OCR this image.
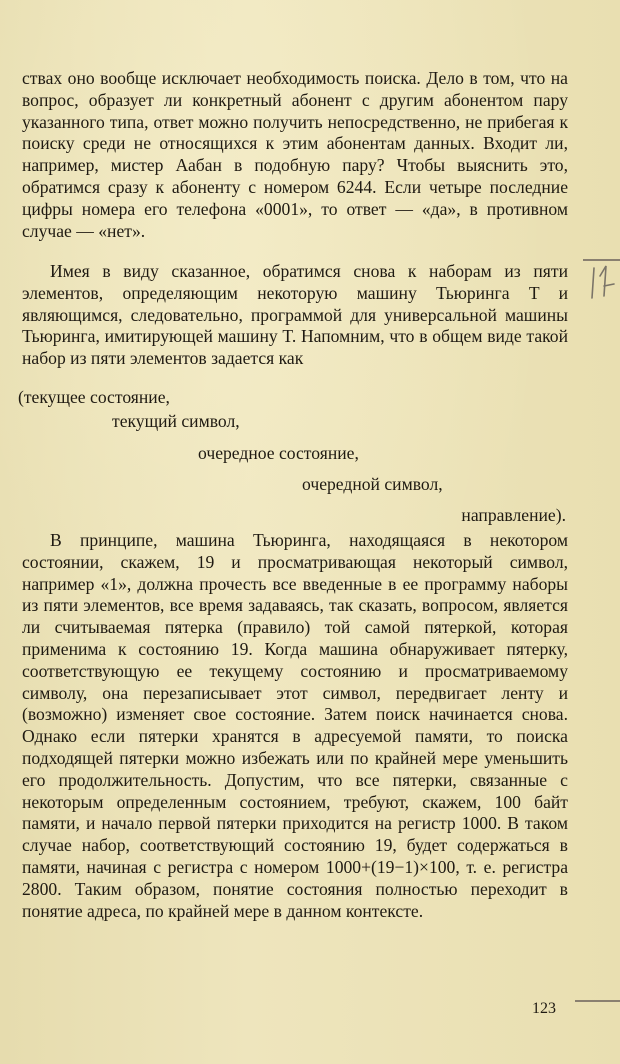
ствах оно вообще исключает необходимость поиска. Дело в том, что на вопрос, образует ли конкретный абонент с другим абонентом пару указанного типа, ответ можно получить непосредственно, не прибегая к поиску среди не относящихся к этим абонентам данных. Входит ли, например, мистер Аабан в подобную пару? Чтобы выяснить это, обратимся сразу к абоненту с номером 6244. Если четыре последние цифры номера его телефона «0001», то ответ — «да», в противном случае — «нет».

Имея в виду сказанное, обратимся снова к наборам из пяти элементов, определяющим некоторую машину Тьюринга T и являющимся, следовательно, программой для универсальной машины Тьюринга, имитирующей машину T. Напомним, что в общем виде такой набор из пяти элементов задается как

(текущее состояние,
текущий символ,
очередное состояние,
очередной символ,
направление).

В принципе, машина Тьюринга, находящаяся в некотором состоянии, скажем, 19 и просматривающая некоторый символ, например «1», должна прочесть все введенные в ее программу наборы из пяти элементов, все время задаваясь, так сказать, вопросом, является ли считываемая пятерка (правило) той самой пятеркой, которая применима к состоянию 19. Когда машина обнаруживает пятерку, соответствующую ее текущему состоянию и просматриваемому символу, она перезаписывает этот символ, передвигает ленту и (возможно) изменяет свое состояние. Затем поиск начинается снова. Однако если пятерки хранятся в адресуемой памяти, то поиска подходящей пятерки можно избежать или по крайней мере уменьшить его продолжительность. Допустим, что все пятерки, связанные с некоторым определенным состоянием, требуют, скажем, 100 байт памяти, и начало первой пятерки приходится на регистр 1000. В таком случае набор, соответствующий состоянию 19, будет содержаться в памяти, начиная с регистра с номером 1000+(19−1)×100, т. е. регистра 2800. Таким образом, понятие состояния полностью переходит в понятие адреса, по крайней мере в данном контексте.

123
